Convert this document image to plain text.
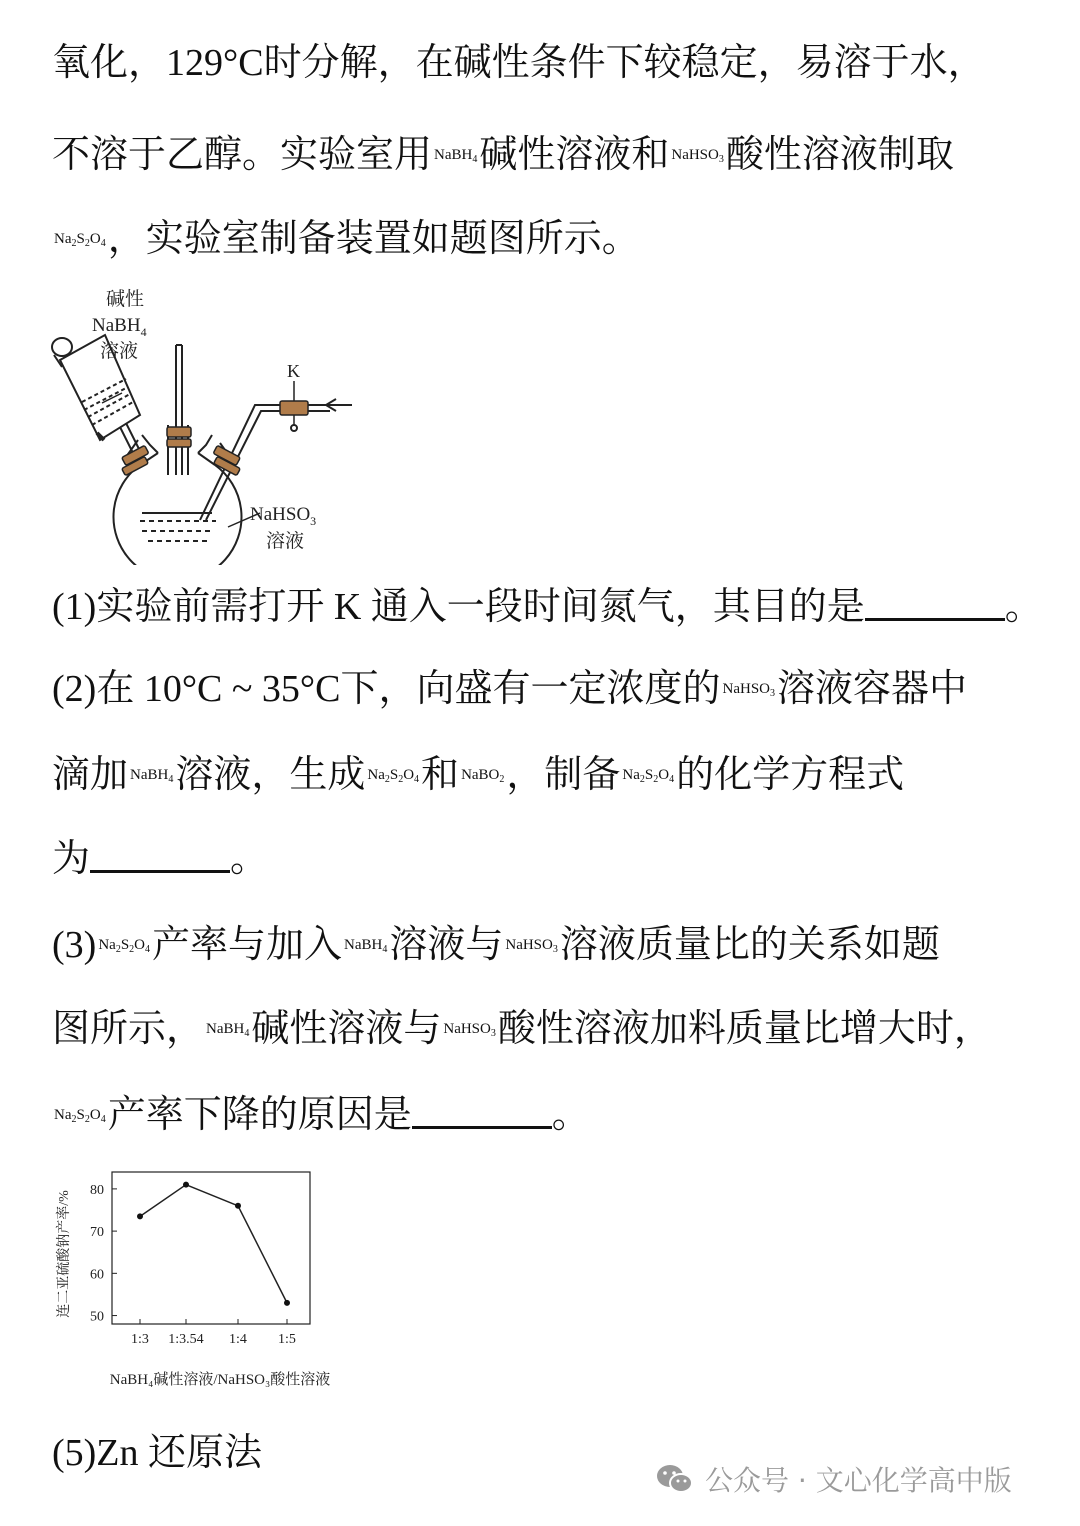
氧化，129°C时分解，在碱性条件下较稳定，易溶于水，
不溶于乙醇。实验室用 $^{NaBH_4}$碱性溶液和 $^{NaHSO_3}$酸性溶液制取
$^{Na_2S_2O_4}$，实验室制备装置如题图所示。
碱性
NaBH$_4$
溶液
K
NaHSO$_3$
溶液
(1)实验前需打开 K 通入一段时间氮气，其目的是	。
(2)在 10°C ~ 35°C下，向盛有一定浓度的 $^{NaHSO_3}$溶液容器中
滴加 $^{NaBH_4}$溶液，生成 $^{Na_2S_2O_4}$和 $^{NaBO_2}$，制备 $^{Na_2S_2O_4}$的化学方程式
为	。
(3) $^{Na_2S_2O_4}$产率与加入 $^{NaBH_4}$溶液与 $^{NaHSO_3}$溶液质量比的关系如题
图所示， $^{NaBH_4}$碱性溶液与 $^{NaHSO_3}$酸性溶液加料质量比增大时，
$^{Na_2S_2O_4}$产率下降的原因是	。
50
60
70
80
1:3 1:3.54 1:4 1:5
连二亚硫酸钠产率/%
NaBH₄碱性溶液/NaHSO₃酸性溶液
(5)Zn 还原法
公众号 · 文心化学高中版
